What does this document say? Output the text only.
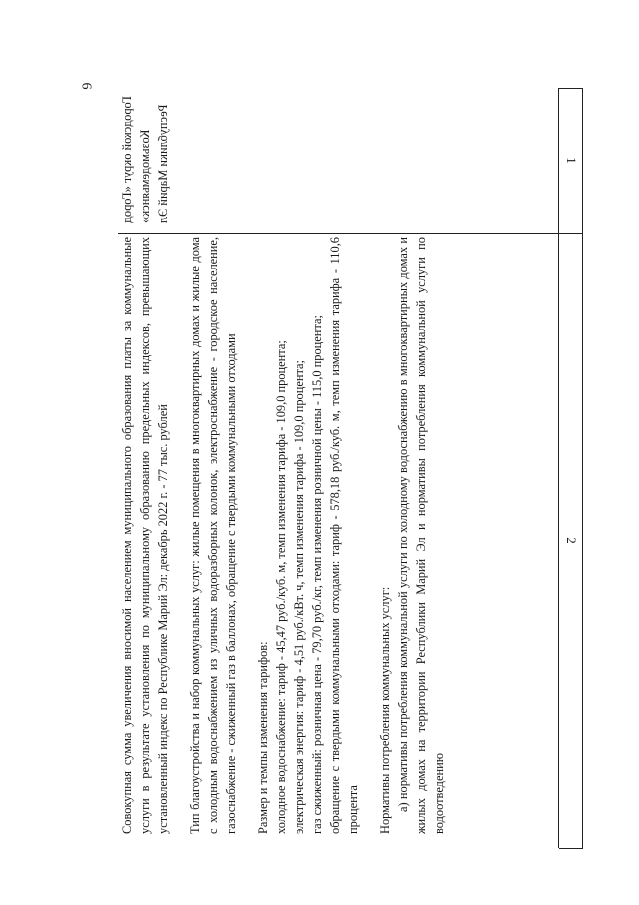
6
1
2
Городской округ «Город Козьмодемьянск» Республики Марий Эл

Совокупная сумма увеличения вносимой населением муниципального образования платы за коммунальные услуги в результате установления по муниципальному образованию предельных индексов, превышающих установленный индекс по Республике Марий Эл: декабрь 2022 г. - 77 тыс. рублей Тип благоустройства и набор коммунальных услуг: жилые помещения в многоквартирных домах и жилые дома с холодным водоснабжением из уличных водоразборных колонок, электроснабжение - городское население, газоснабжение - сжиженный газ в баллонах, обращение с твердыми коммунальными отходами Размер и темпы изменения тарифов: холодное водоснабжение: тариф - 45,47 руб./куб. м, темп изменения тарифа - 109,0 процента; электрическая энергия: тариф - 4,51 руб./кВт. ч, темп изменения тарифа - 109,0 процента; газ сжиженный: розничная цена - 79,70 руб./кг, темп изменения розничной цены - 115,0 процента; обращение с твердыми коммунальными отходами: тариф - 578,18 руб./куб. м, темп изменения тарифа - 110,6 процента Нормативы потребления коммунальных услуг: а) нормативы потребления коммунальной услуги по холодному водоснабжению в многоквартирных домах и жилых домах на территории Республики Марий Эл и нормативы потребления коммунальной услуги по водоотведению
